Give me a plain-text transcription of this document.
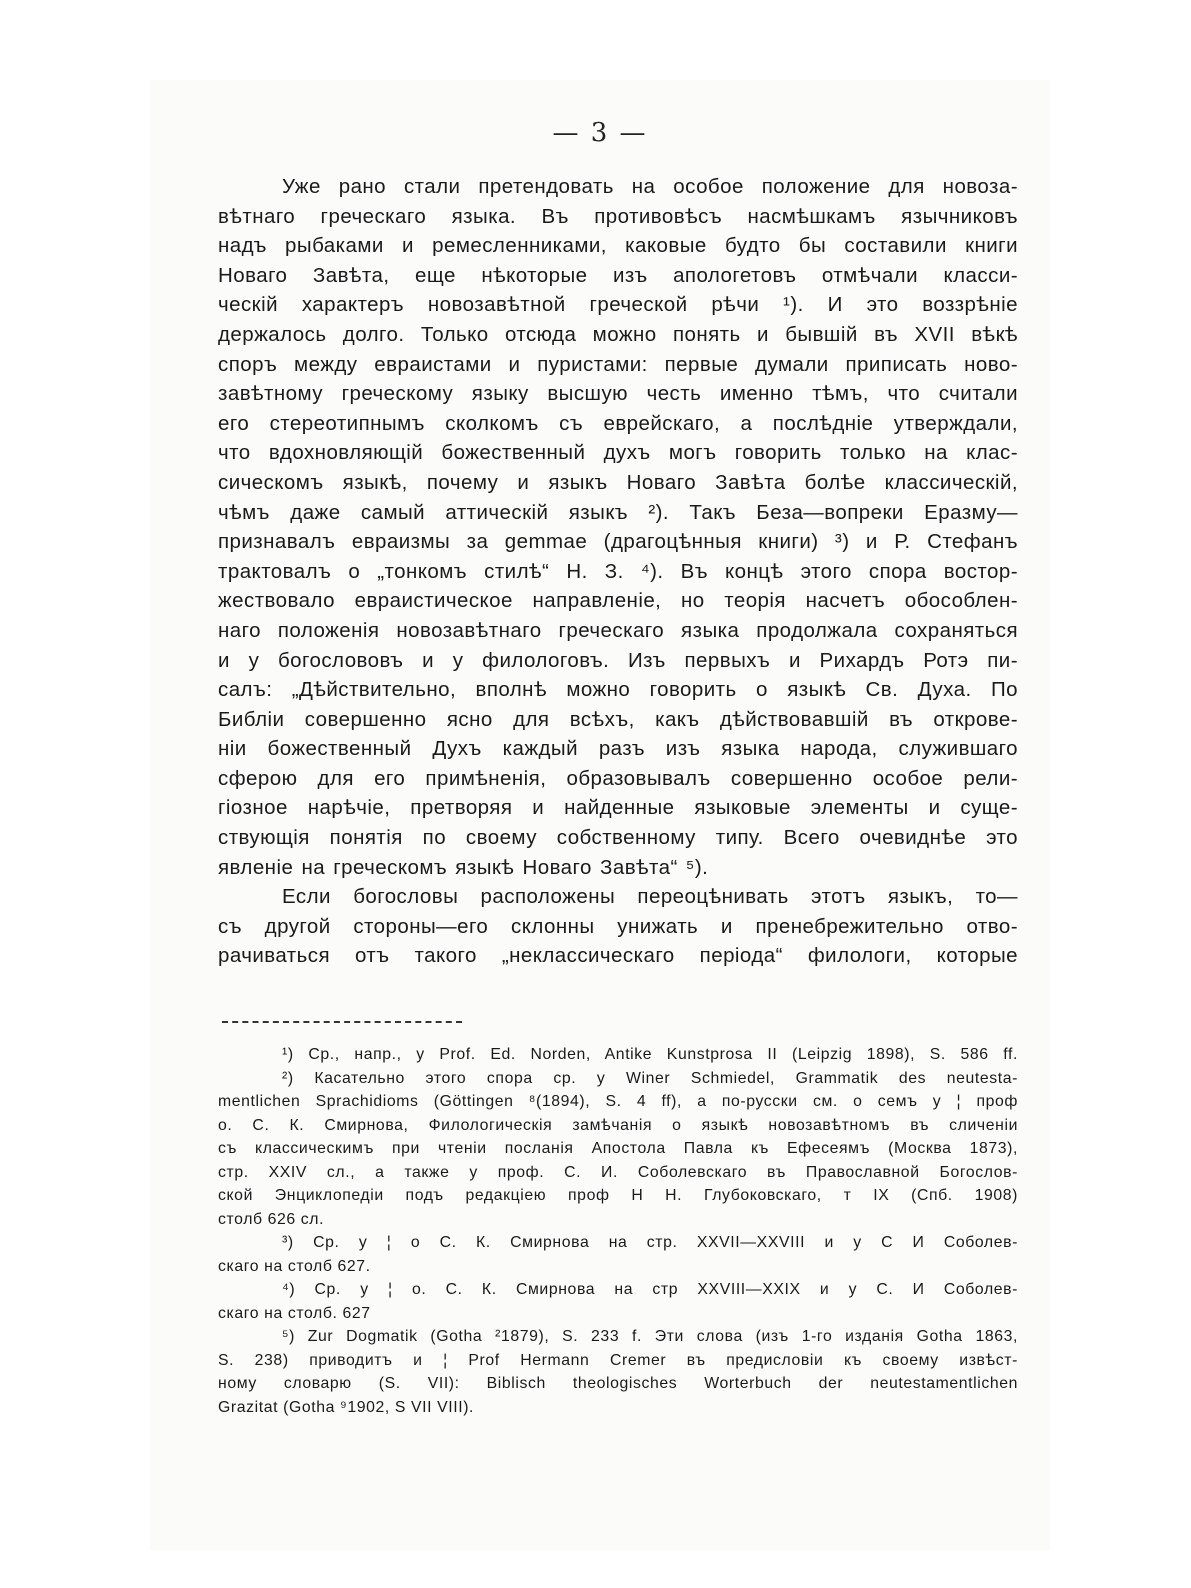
— 3 —
Уже рано стали претендовать на особое положение для новоза-
вѣтнаго греческаго языка. Въ противовѣсъ насмѣшкамъ язычниковъ
надъ рыбаками и ремесленниками, каковые будто бы составили книги
Новаго Завѣта, еще нѣкоторые изъ апологетовъ отмѣчали класси-
ческій характеръ новозавѣтной греческой рѣчи ¹). И это воззрѣніе
держалось долго. Только отсюда можно понять и бывшій въ XVII вѣкѣ
споръ между евраистами и пуристами: первые думали приписать ново-
завѣтному греческому языку высшую честь именно тѣмъ, что считали
его стереотипнымъ сколкомъ съ еврейскаго, а послѣдніе утверждали,
что вдохновляющій божественный духъ могъ говорить только на клас-
сическомъ языкѣ, почему и языкъ Новаго Завѣта болѣе классическій,
чѣмъ даже самый аттическій языкъ ²). Такъ Беза—вопреки Еразму—
признавалъ евраизмы за gemmae (драгоцѣнныя книги) ³) и Р. Стефанъ
трактовалъ о „тонкомъ стилѣ“ Н. З. ⁴). Въ концѣ этого спора востор-
жествовало евраистическое направленіе, но теорія насчетъ обособлен-
наго положенія новозавѣтнаго греческаго языка продолжала сохраняться
и у богослововъ и у филологовъ. Изъ первыхъ и Рихардъ Ротэ пи-
салъ: „Дѣйствительно, вполнѣ можно говорить о языкѣ Св. Духа. По
Библіи совершенно ясно для всѣхъ, какъ дѣйствовавшій въ открове-
ніи божественный Духъ каждый разъ изъ языка народа, служившаго
сферою для его примѣненія, образовывалъ совершенно особое рели-
гіозное нарѣчіе, претворяя и найденные языковые элементы и суще-
ствующія понятія по своему собственному типу. Всего очевиднѣе это
явленіе на греческомъ языкѣ Новаго Завѣта“ ⁵).
Если богословы расположены переоцѣнивать этотъ языкъ, то—
съ другой стороны—его склонны унижать и пренебрежительно отво-
рачиваться отъ такого „неклассическаго періода“ филологи, которые
¹) Ср., напр., у Prof. Ed. Norden, Antike Kunstprosa II (Leipzig 1898), S. 586 ff.
²) Касательно этого спора ср. у Winer Schmiedel, Grammatik des neutesta-
mentlichen Sprachidioms (Göttingen ⁸(1894), S. 4 ff), а по-русски см. о семъ у ¦ проф
о. С. К. Смирнова, Филологическія замѣчанія о языкѣ новозавѣтномъ въ сличеніи
съ классическимъ при чтеніи посланія Апостола Павла къ Ефесеямъ (Москва 1873),
стр. XXIV сл., а также у проф. С. И. Соболевскаго въ Православной Богослов-
ской Энциклопедіи подъ редакціею проф Н Н. Глубоковскаго, т IX (Спб. 1908)
столб 626 сл.
³) Ср. у ¦ о С. К. Смирнова на стр. XXVII—XXVIII и у С И Соболев-
скаго на столб 627.
⁴) Ср. у ¦ о. С. К. Смирнова на стр XXVIII—XXIX и у С. И Соболев-
скаго на столб. 627
⁵) Zur Dogmatik (Gotha ²1879), S. 233 f. Эти слова (изъ 1-го изданія Gotha 1863,
S. 238) приводитъ и ¦ Prof Hermann Cremer въ предисловіи къ своему извѣст-
ному словарю (S. VII): Biblisch theologisches Worterbuch der neutestamentlichen
Grazitat (Gotha ⁹1902, S VII VIII).
